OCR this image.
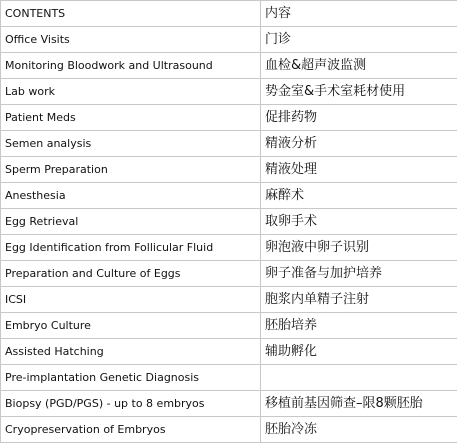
CONTENTS	内容
Office Visits	门诊
Monitoring Bloodwork and Ultrasound	血检&超声波监测
Lab work	势金室&手术室耗材使用
Patient Meds	促排药物
Semen analysis	精液分析
Sperm Preparation	精液处理
Anesthesia	麻醉术
Egg Retrieval	取卵手术
Egg Identification from Follicular Fluid	卵泡液中卵子识别
Preparation and Culture of Eggs	卵子准备与加护培养
ICSI	胞浆内单精子注射
Embryo Culture	胚胎培养
Assisted Hatching	辅助孵化
Pre-implantation Genetic Diagnosis	
Biopsy (PGD/PGS) - up to 8 embryos	移植前基因筛查–限8颗胚胎
Cryopreservation of Embryos	胚胎冷冻
